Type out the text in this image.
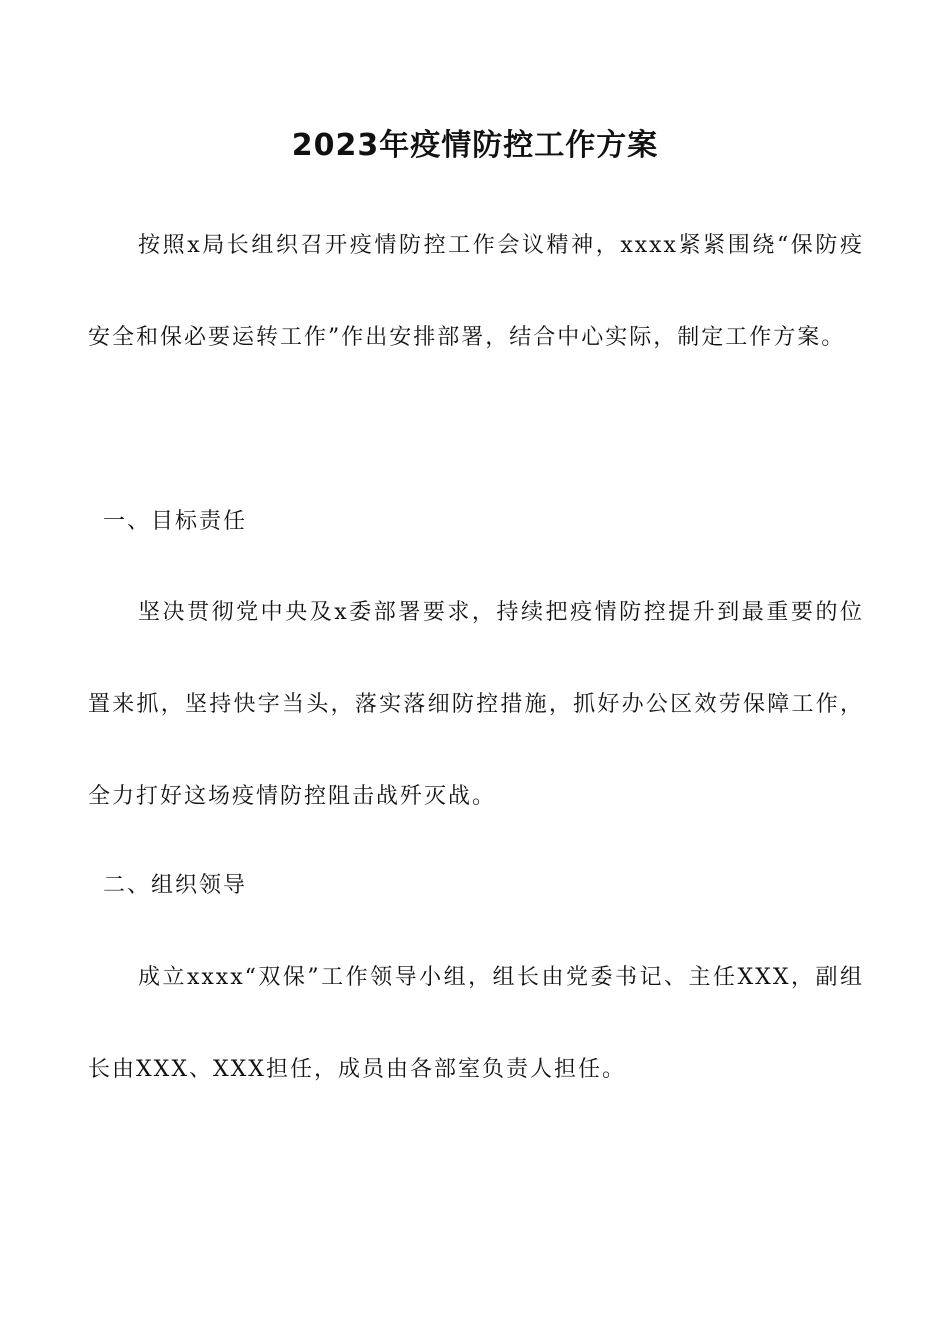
2023年疫情防控工作方案

按照x局长组织召开疫情防控工作会议精神，xxxx紧紧围绕“保防疫安全和保必要运转工作”作出安排部署，结合中心实际，制定工作方案。

一、目标责任

坚决贯彻党中央及x委部署要求，持续把疫情防控提升到最重要的位置来抓，坚持快字当头，落实落细防控措施，抓好办公区效劳保障工作，全力打好这场疫情防控阻击战歼灭战。

二、组织领导

成立xxxx“双保”工作领导小组，组长由党委书记、主任XXX，副组长由XXX、XXX担任，成员由各部室负责人担任。
